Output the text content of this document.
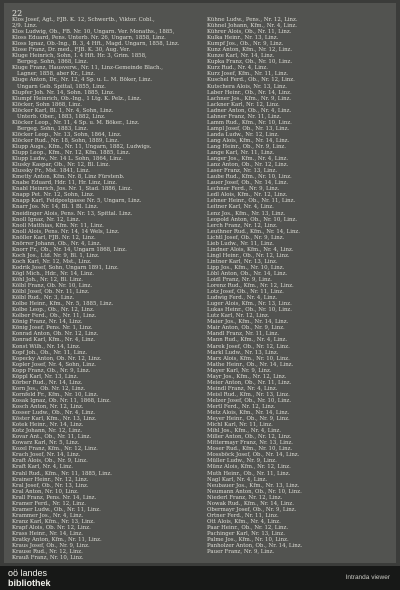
22
Klos Josef, Agt., FJB. K. 12, Schwertb., Viktor. Cobl.,
2/9. Linz.
Klos Ludwig, Ob., FB. Nr. 10, Ungarn. Ver. Monaths., 1885,
Kloss Eduard, Pens. Unterb. Nr. 26, Ungarn, 1858, Linz.
Kloss Ignaz, Ob.-Ing., B. 3, 4 Hft., Magd. Ungarn, 1858, Linz.
Klose Franz, Dr. med., FJB. K. 30, Aug. Ver.
Kluge Heinrich, Sohn, I. 4 Hft. Hr. 3, Grim. 1858,
Bergeg. Sohn, 1868, Linz.
Kluge Franz, Hausverw., Nr. 11, Linz-Gemeinde Blach.,
Lagner, 1858, aber Kr., Linz.
Kluge Anton, Dr., Nr. 12, 4 Sp. u. L. M. Böker, Linz.
Ungarn Geb. Spittal, 1855, Linz.
Klupfer Joh. Nr. 14, Sohn. 1885, Linz.
Klumpf Heinrich, Ob.-Ing., 1 Ltg. K. Pelz., Linz.
Klöcker, Sohn 1868, Linz.
Klöcker Karl, Bl. 1, Nr. 4, Sohn, Linz.
Unterb. Ober., 1883, 1882, Linz.
Klöcker Leop., Nr. 11, 4 Sp. u. M. Böker., Linz.
Bergeg. Sohn, 1883, Linz.
Klöcker Leop., Nr. 13, Sohn, 1864, Linz.
Klöcker Rud., Nr. 18, Sohn, 1889, Linz.
Klupp Augs., Kfm., Nr. 11, Ungarn, 1882, Ludwigs.
Klupp Leop., Kfm., Nr. 12, Kfm. 1885, Linz.
Klupp Ludw., Nr. 14 L. Sohn, 1864, Linz.
Klusky Kaspar, Ob., Nr. 12, Bl. Linz.
Klussky Fr., Mst. 1841, Linz.
Kmetty Anton, Kfm. Nr. 8, Linz Fürstenb.
Knabe Eduard, Hdr. 11, Hr. Linz, Linz.
Knabl Heinrich, Jos. Nr. 1, Stad. 1886, Linz.
Knapp Pet. Nr. 12, Sohn, Linz.
Knapp Karl, Feldpostgasse Nr. 5, Ungarn, Linz.
Knarr Jos. Nr. 14, Bl. 1 Bl. Linz.
Kneidinger Alois, Pens. Nr. 13, Spittal. Linz.
Knoll Ignaz, Nr. 12, Linz.
Knoll Matthias, Kfm. Nr. 11, Linz.
Knoll Alois, Pens. Nr. 14, 14 Wels, Linz.
Knöller Karl, FJB. Nr. 12, Linz.
Knörrer Johann, Ob., Nr. 4, Linz.
Knorr Fr., Ob., Nr. 14, Ungarn 1868, Linz.
Koch Jos., Ltd. Nr. 9, Bl. 1, Linz.
Koch Karl, Nr. 12, Mst., Linz.
Kodrik Josef, Sohn, Ungarn 1891, Linz.
Kögl Mich., Hdr., Nr. 14, Linz.
Köhl Joh., Nr. 12, Bl. Linz.
Kölbl Franz, Ob. Nr. 10, Linz.
Kölbl Josef, Ob. Nr. 11, Linz.
Kölbl Rud., Nr. 3, Linz.
Kolbe Heinr., Kfm., Nr. 5, 1885, Linz.
Kolbe Leop., Ob., Nr. 12, Linz.
Kolber Ferd., Ob., Nr. 11, Linz.
König Franz, Nr. 14, Linz.
König Josef, Pens. Nr. 1, Linz.
Konrad Anton, Ob. Nr. 12, Linz.
Konrad Karl, Kfm., Nr. 4, Linz.
Konst Wilh., Nr. 14, Linz.
Kopf Joh., Ob., Nr. 11, Linz.
Kopecky Anton, Ob. Nr. 12, Linz.
Kopler Josef, Nr. 4, Sohn, Linz.
Kopp Franz, Ob., Nr. 9, Linz.
Köppl Karl, Nr. 13, Linz.
Körber Rud., Nr. 14, Linz.
Korn Jos., Ob. Nr. 12, Linz.
Kornfeld Fr., Kfm., Nr. 10, Linz.
Kosak Ignaz, Ob. Nr. 11, 1868, Linz.
Kosch Anton, Nr. 12, Linz.
Kosser Ludw., Ob., Nr. 4, Linz.
Köster Karl, Kfm., Nr. 13, Linz.
Kotek Heinr., Nr. 14, Linz.
Kotz Johann, Nr. 12, Linz.
Kovar Ant., Ob., Nr. 11, Linz.
Kowarz Karl, Nr. 5, Linz.
Kozel Franz, Kfm., Nr. 12, Linz.
Krach Josef, Nr. 14, Linz.
Kraft Alois, Ob., Nr. 9, Linz.
Kraft Karl, Nr. 4, Linz.
Krahl Rud., Kfm., Nr. 11, 1885, Linz.
Krainer Heinr., Nr. 12, Linz.
Kral Josef, Ob., Nr. 13, Linz.
Kral Anton, Nr. 10, Linz.
Krall Franz, Pens. Nr. 14, Linz.
Kramer Ferd., Nr. 12, Linz.
Kramer Ludw., Ob., Nr. 11, Linz.
Krammer Jos., Nr. 4, Linz.
Kranz Karl, Kfm., Nr. 13, Linz.
Krapf Alois, Ob. Nr. 12, Linz.
Krass Heinr., Nr. 14, Linz.
Kratky Anton, Kfm., Nr. 11, Linz.
Kraus Josef, Ob., Nr. 9, Linz.
Krause Rud., Nr. 12, Linz.
Krauß Franz, Nr. 10, Linz.
Kühne Ludw., Pens., Nr. 12, Linz.
Kühnel Johann, Kfm., Nr. 4, Linz.
Kührer Alois, Ob., Nr. 11, Linz.
Kulka Heinr., Nr. 13, Linz.
Kumpf Jos., Ob., Nr. 9, Linz.
Kunz Anton, Kfm., Nr. 12, Linz.
Kunze Karl, Nr. 14, Linz.
Kupka Franz, Ob., Nr. 10, Linz.
Kurz Rud., Nr. 4, Linz.
Kurz Josef, Kfm., Nr. 11, Linz.
Kuschel Ferd., Ob., Nr. 12, Linz.
Kutschera Alois, Nr. 13, Linz.
Laber Heinr., Ob., Nr. 14, Linz.
Lachner Jos., Kfm., Nr. 9, Linz.
Lackner Karl, Nr. 12, Linz.
Ladner Anton, Ob., Nr. 4, Linz.
Lahner Franz, Nr. 11, Linz.
Lamm Rud., Kfm., Nr. 10, Linz.
Lampl Josef, Ob., Nr. 13, Linz.
Landa Ludw., Nr. 12, Linz.
Lang Alois, Kfm., Nr. 14, Linz.
Lang Heinr., Ob., Nr. 9, Linz.
Lange Karl, Nr. 11, Linz.
Langer Jos., Kfm., Nr. 4, Linz.
Lanz Anton, Ob., Nr. 12, Linz.
Laser Franz, Nr. 13, Linz.
Laube Rud., Kfm., Nr. 10, Linz.
Lauer Josef, Ob., Nr. 14, Linz.
Lechner Ferd., Nr. 9, Linz.
Ledl Alois, Kfm., Nr. 12, Linz.
Lehner Heinr., Ob., Nr. 11, Linz.
Leitner Karl, Nr. 4, Linz.
Lenz Jos., Kfm., Nr. 13, Linz.
Leopold Anton, Ob., Nr. 10, Linz.
Lerch Franz, Nr. 12, Linz.
Leuthner Rud., Kfm., Nr. 14, Linz.
Lichtl Josef, Ob., Nr. 9, Linz.
Lieb Ludw., Nr. 11, Linz.
Lindner Alois, Kfm., Nr. 4, Linz.
Lingl Heinr., Ob., Nr. 12, Linz.
Lintner Karl, Nr. 13, Linz.
Lipp Jos., Kfm., Nr. 10, Linz.
Löbl Anton, Ob., Nr. 14, Linz.
Loidl Franz, Nr. 9, Linz.
Lorenz Rud., Kfm., Nr. 12, Linz.
Lotz Josef, Ob., Nr. 11, Linz.
Ludwig Ferd., Nr. 4, Linz.
Luger Alois, Kfm., Nr. 13, Linz.
Lukas Heinr., Ob., Nr. 10, Linz.
Lutz Karl, Nr. 12, Linz.
Maier Jos., Kfm., Nr. 14, Linz.
Mair Anton, Ob., Nr. 9, Linz.
Mandl Franz, Nr. 11, Linz.
Mann Rud., Kfm., Nr. 4, Linz.
Marek Josef, Ob., Nr. 12, Linz.
Markl Ludw., Nr. 13, Linz.
Marx Alois, Kfm., Nr. 10, Linz.
Mathe Heinr., Ob., Nr. 14, Linz.
Mayer Karl, Nr. 9, Linz.
Mayr Jos., Kfm., Nr. 12, Linz.
Meier Anton, Ob., Nr. 11, Linz.
Meindl Franz, Nr. 4, Linz.
Meisl Rud., Kfm., Nr. 13, Linz.
Melzer Josef, Ob., Nr. 10, Linz.
Mertl Ferd., Nr. 12, Linz.
Metz Alois, Kfm., Nr. 14, Linz.
Meyer Heinr., Ob., Nr. 9, Linz.
Michl Karl, Nr. 11, Linz.
Mihl Jos., Kfm., Nr. 4, Linz.
Miller Anton, Ob., Nr. 12, Linz.
Mittermayr Franz, Nr. 13, Linz.
Moser Rud., Kfm., Nr. 10, Linz.
Mossböck Josef, Ob., Nr. 14, Linz.
Müller Ludw., Nr. 9, Linz.
Münz Alois, Kfm., Nr. 12, Linz.
Muth Heinr., Ob., Nr. 11, Linz.
Nagl Karl, Nr. 4, Linz.
Neubauer Jos., Kfm., Nr. 13, Linz.
Neumann Anton, Ob., Nr. 10, Linz.
Niederl Franz, Nr. 12, Linz.
Nowak Rud., Kfm., Nr. 14, Linz.
Obermayr Josef, Ob., Nr. 9, Linz.
Ortner Ferd., Nr. 11, Linz.
Ott Alois, Kfm., Nr. 4, Linz.
Paar Heinr., Ob., Nr. 12, Linz.
Pachinger Karl, Nr. 13, Linz.
Palme Jos., Kfm., Nr. 10, Linz.
Panholzer Anton, Ob., Nr. 14, Linz.
Pauer Franz, Nr. 9, Linz.
oö landes
bibliothek
Intranda viewer
